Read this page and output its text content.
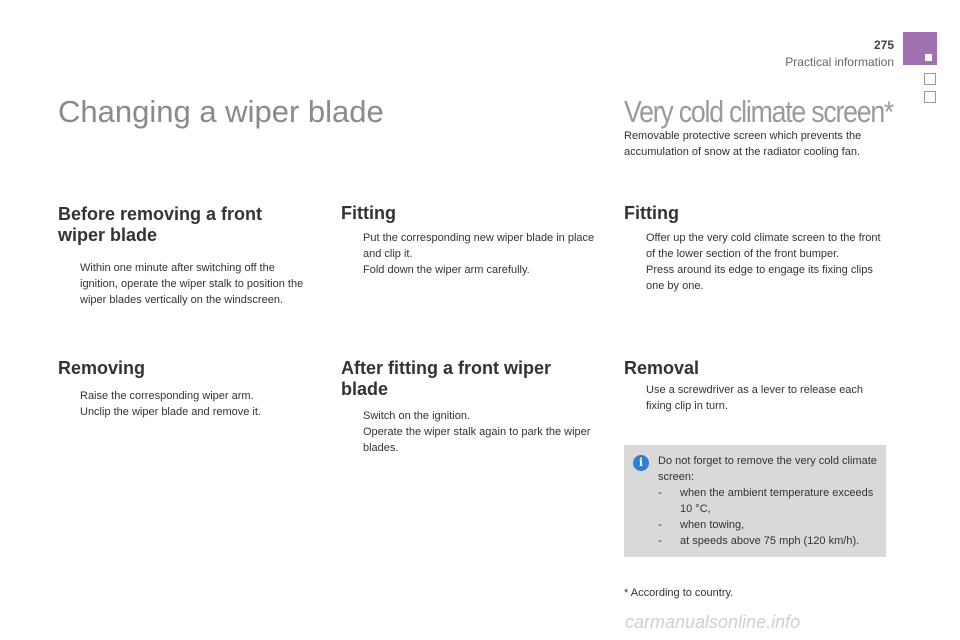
275
Practical information
Changing a wiper blade	Very cold climate screen*
Removable protective screen which prevents the accumulation of snow at the radiator cooling fan.
Before removing a front wiper blade
Within one minute after switching off the ignition, operate the wiper stalk to position the wiper blades vertically on the windscreen.
Removing
Raise the corresponding wiper arm.
Unclip the wiper blade and remove it.
Fitting
Put the corresponding new wiper blade in place and clip it.
Fold down the wiper arm carefully.
After fitting a front wiper blade
Switch on the ignition.
Operate the wiper stalk again to park the wiper blades.
Fitting
Offer up the very cold climate screen to the front of the lower section of the front bumper.
Press around its edge to engage its fixing clips one by one.
Removal
Use a screwdriver as a lever to release each fixing clip in turn.
i	Do not forget to remove the very cold climate screen:
- when the ambient temperature exceeds 10 °C,
- when towing,
- at speeds above 75 mph (120 km/h).
* According to country.
carmanualsonline.info
